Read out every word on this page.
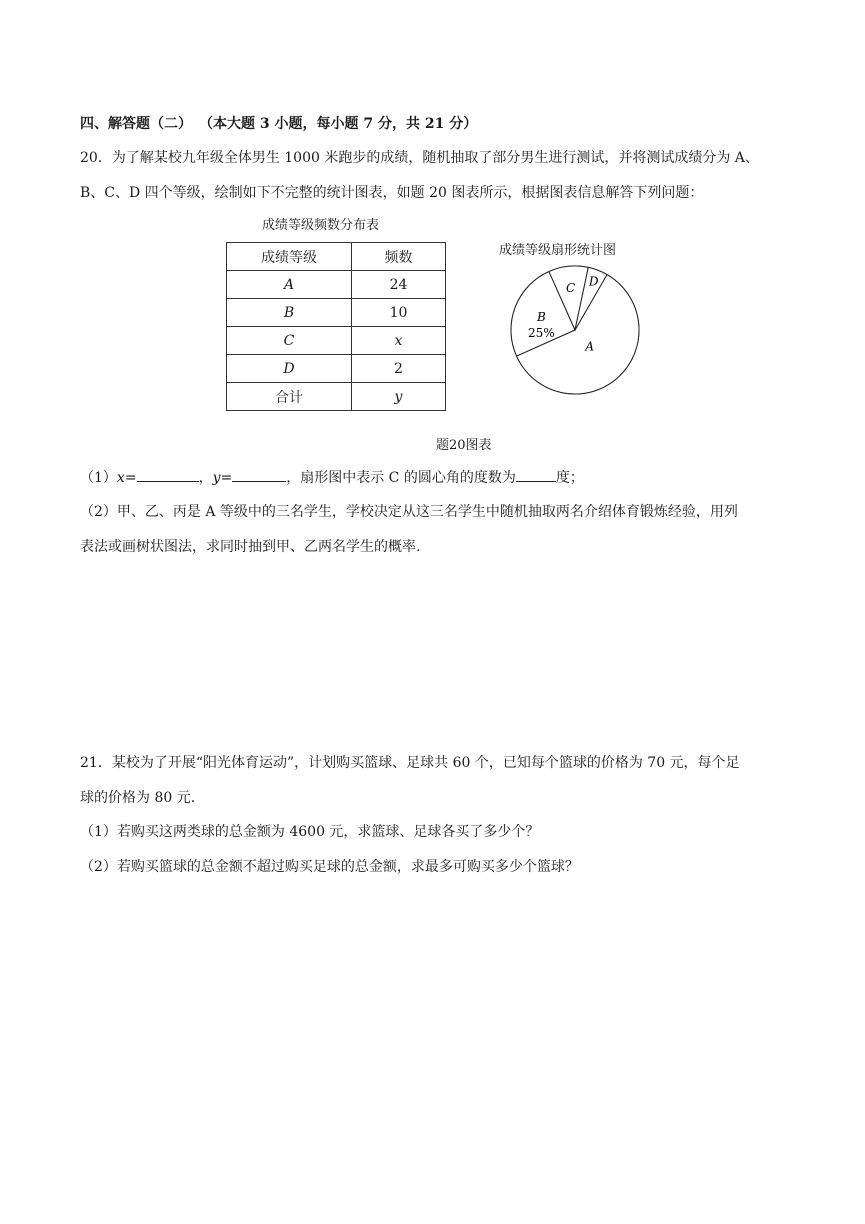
四、解答题（二） （本大题 3 小题，每小题 7 分，共 21 分）
20．为了解某校九年级全体男生 1000 米跑步的成绩，随机抽取了部分男生进行测试，并将测试成绩分为 A、
B、C、D 四个等级，绘制如下不完整的统计图表，如题 20 图表所示，根据图表信息解答下列问题：
成绩等级频数分布表
成绩等级	频数
A	24
B	10
C	x
D	2
合计	y
成绩等级扇形统计图
A
B
25%
C D
题20图表
（1）x=	，y=	，扇形图中表示 C 的圆心角的度数为	度；
（2）甲、乙、丙是 A 等级中的三名学生，学校决定从这三名学生中随机抽取两名介绍体育锻炼经验，用列
表法或画树状图法，求同时抽到甲、乙两名学生的概率.
21．某校为了开展“阳光体育运动”，计划购买篮球、足球共 60 个，已知每个篮球的价格为 70 元，每个足
球的价格为 80 元.
（1）若购买这两类球的总金额为 4600 元，求篮球、足球各买了多少个？
（2）若购买篮球的总金额不超过购买足球的总金额，求最多可购买多少个篮球？
